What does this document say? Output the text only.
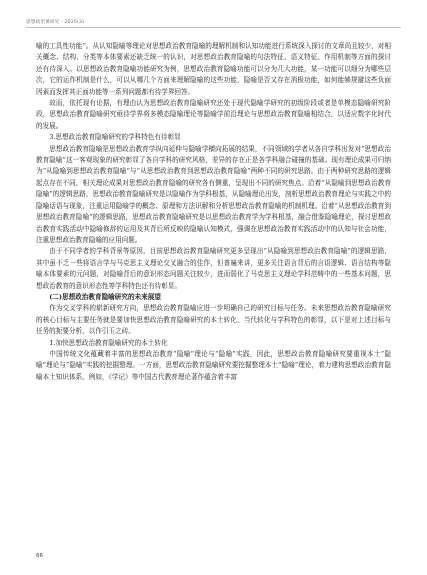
思想政治课研究 · 2025(3)

喻的工具性功能”。从认知隐喻等理论对思想政治教育隐喻的理解机制和认知功能进行系统深入探讨的文章尚且较少，对相关概念、结构、分类等本体要素还缺乏统一的认识，对思想政治教育隐喻的句法特征、语义特征、作用机制等方面的探讨还有待深入。以思想政治教育隐喻功能研究为例，思想政治教育隐喻功能可以分为几大功能，某一功能可以细分为哪些层次，它的运作机制是什么，可以从哪几个方面来理解隐喻的这些功能，隐喻是否又存在消极功能，如何能够规避这些负面因素而发挥其正面功能等一系列问题都有待学界回答。

故而，依托现有论据，有理由认为思想政治教育隐喻研究还处于现代隐喻学研究的初级阶段或者是单模态隐喻研究阶段，思想政治教育隐喻研究亟待学界将多模态隐喻理论等隐喻学前沿理论与思想政治教育隐喻相结合，以适应数字化时代的发展。

3.思想政治教育隐喻研究的学科特色有待彰显

思想政治教育隐喻是思想政治教育学纵向延伸与隐喻学横向拓展的结果，不同领域的学者从各自学科出发对“思想政治教育隐喻”这一客观现象的研究彰显了各自学科的研究风格，差异的存在正是各学科融合碰撞的基础。现有理论成果可归纳为“从隐喻到思想政治教育隐喻”与“从思想政治教育到思想政治教育隐喻”两种不同的研究思路。由于两种研究思路的逻辑起点存在不同，相关理论成果对思想政治教育隐喻的研究各有侧重，呈现出不同的研究焦点。沿着“从隐喻到思想政治教育隐喻”的逻辑思路，思想政治教育隐喻研究是以隐喻作为学科根基，从隐喻理论出发，剖析思想政治教育理论与实践之中的隐喻话语与现象，注重运用隐喻学的概念、原理和方法识解和分析思想政治教育隐喻的机制机理。沿着“从思想政治教育到思想政治教育隐喻”的逻辑思路，思想政治教育隐喻研究是以思想政治教育学为学科根基，融合借鉴隐喻理论，探讨思想政治教育实践活动中隐喻修辞的运用及其背后所反映的隐喻认知模式，强调在思想政治教育实践活动中的认知与社会功能，注重思想政治教育隐喻的应用问题。

由于不同学者的学科背景等原因，目前思想政治教育隐喻研究更多呈现出“从隐喻到思想政治教育隐喻”的逻辑思路，其中虽不乏一些将语言学与马克思主义理论交叉融合的佳作，但普遍来讲，更多关注语言背后的言语逻辑、语言结构等隐喻本体要素的元问题，对隐喻背后的意识形态问题关注较少，进而弱化了马克思主义理论学科范畴中的一些基本问题，思想政治教育的意识形态性等学科特色还有待彰显。

(二)思想政治教育隐喻研究的未来展望

作为交叉学科的崭新研究方向，思想政治教育隐喻应进一步明确自己的研究目标与任务。未来思想政治教育隐喻研究的核心目标与主要任务就是要加快思想政治教育隐喻研究的本土转化、当代转化与学科特色的彰显，以下是对上述目标与任务的扼要分析，以作引玉之砖。

1.加快思想政治教育隐喻研究的本土转化

中国传统文化蕴藏着丰富的思想政治教育“隐喻”理论与“隐喻”实践，因此，思想政治教育隐喻研究要重视本土“隐喻”理论与“隐喻”实践的挖掘整理。一方面，思想政治教育隐喻研究要挖掘整理本土“隐喻”理论，着力建构思想政治教育隐喻本土知识体系。例如，《学记》等中国古代教育理论著作蕴含着丰富

86
